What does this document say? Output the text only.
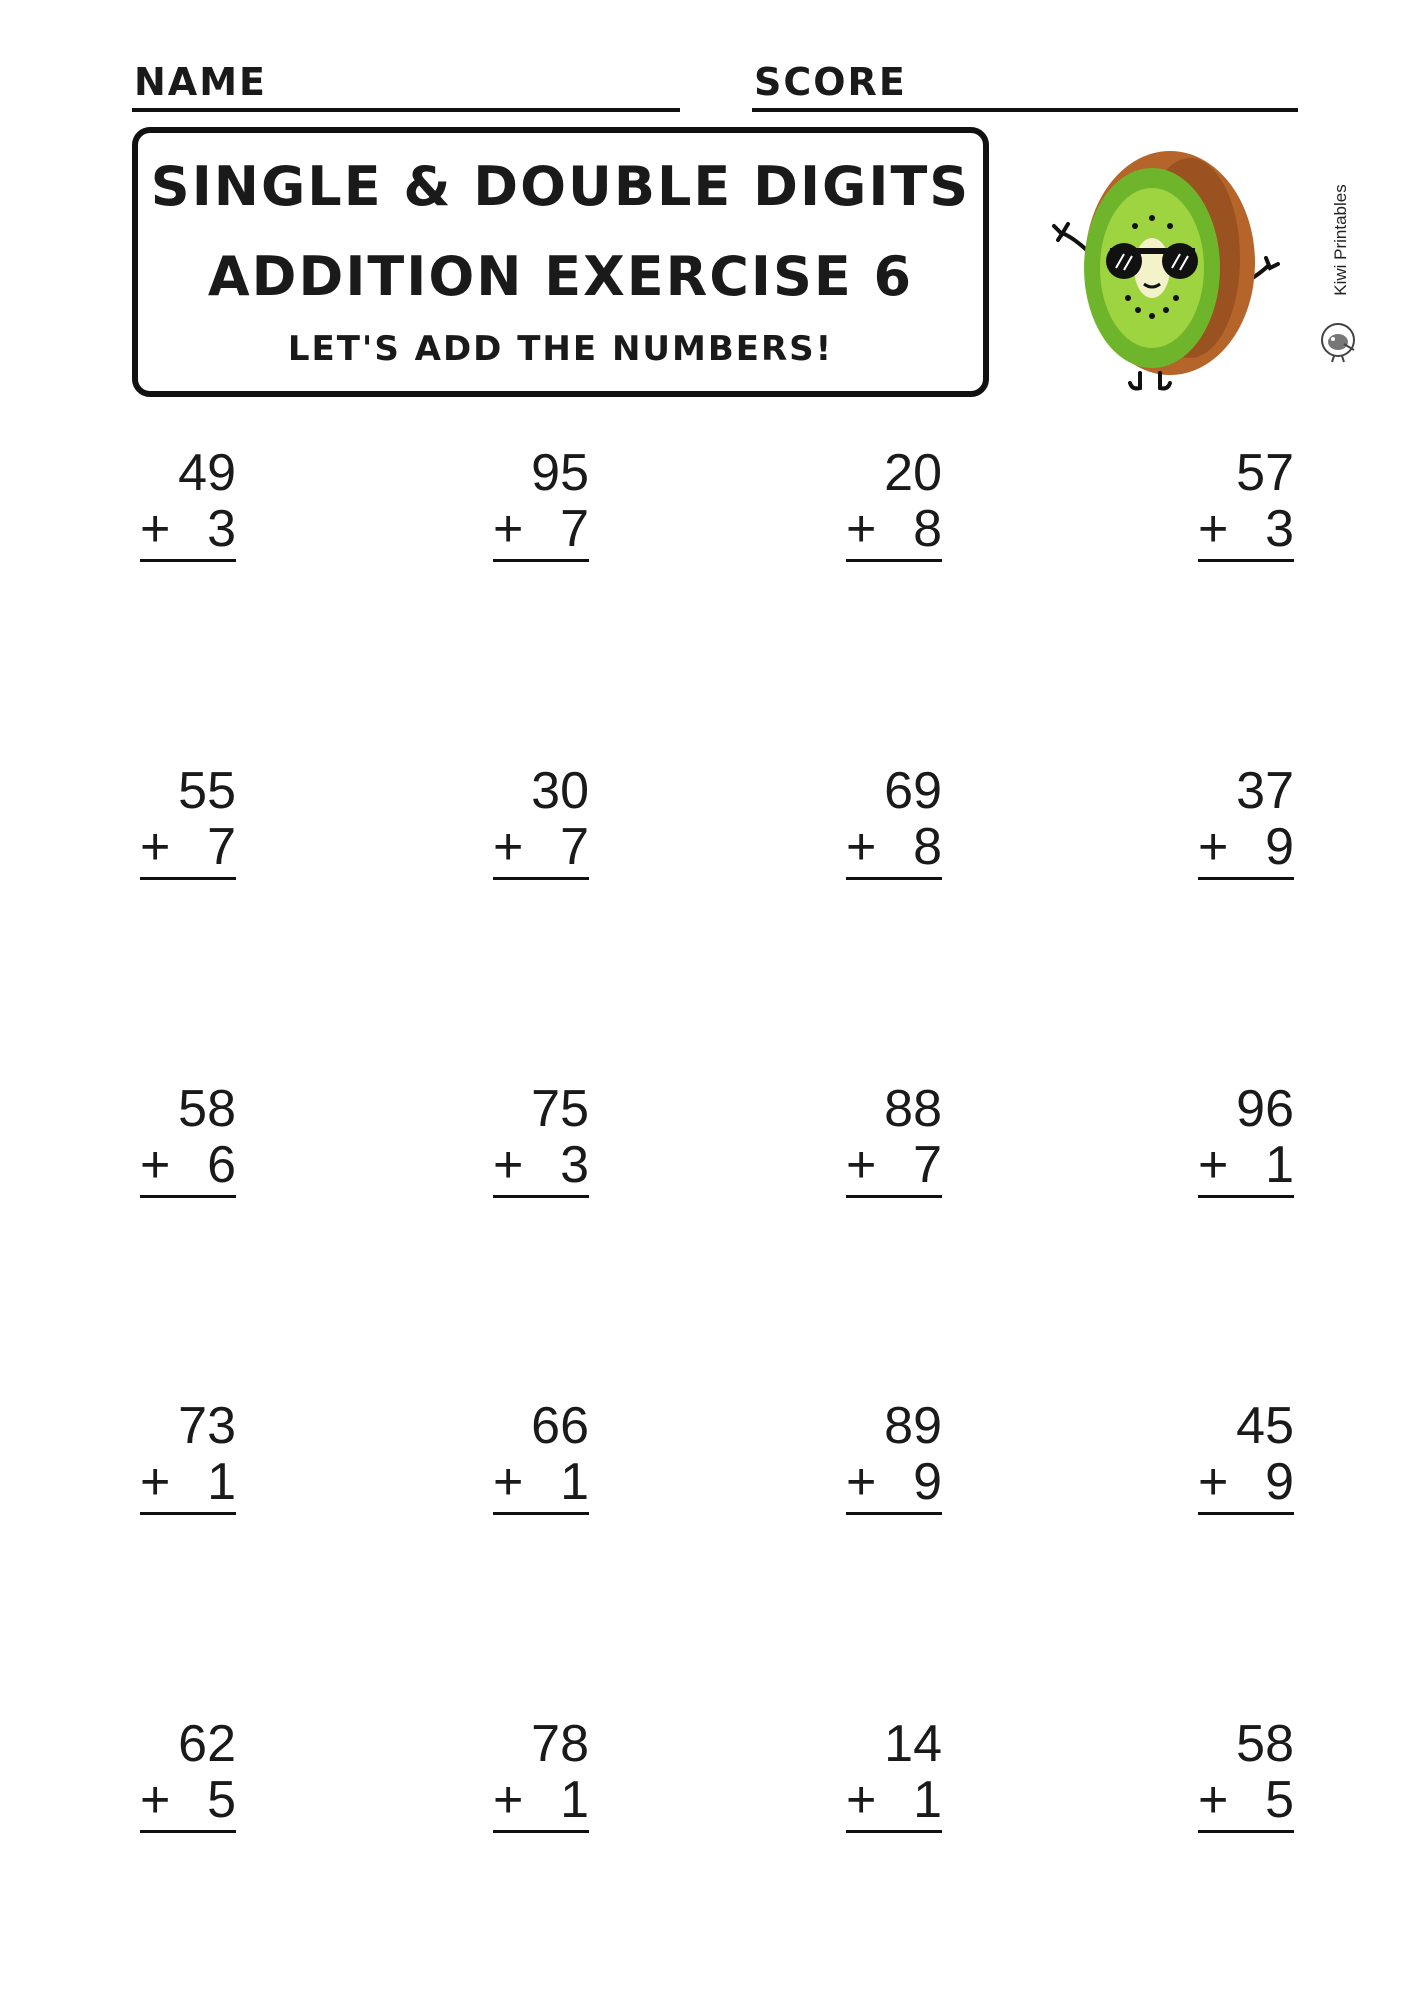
NAME	SCORE
SINGLE & DOUBLE DIGITS
ADDITION EXERCISE 6
LET'S ADD THE NUMBERS!
Kiwi Printables
49
+ 3
95
+ 7
20
+ 8
57
+ 3
55
+ 7
30
+ 7
69
+ 8
37
+ 9
58
+ 6
75
+ 3
88
+ 7
96
+ 1
73
+ 1
66
+ 1
89
+ 9
45
+ 9
62
+ 5
78
+ 1
14
+ 1
58
+ 5
